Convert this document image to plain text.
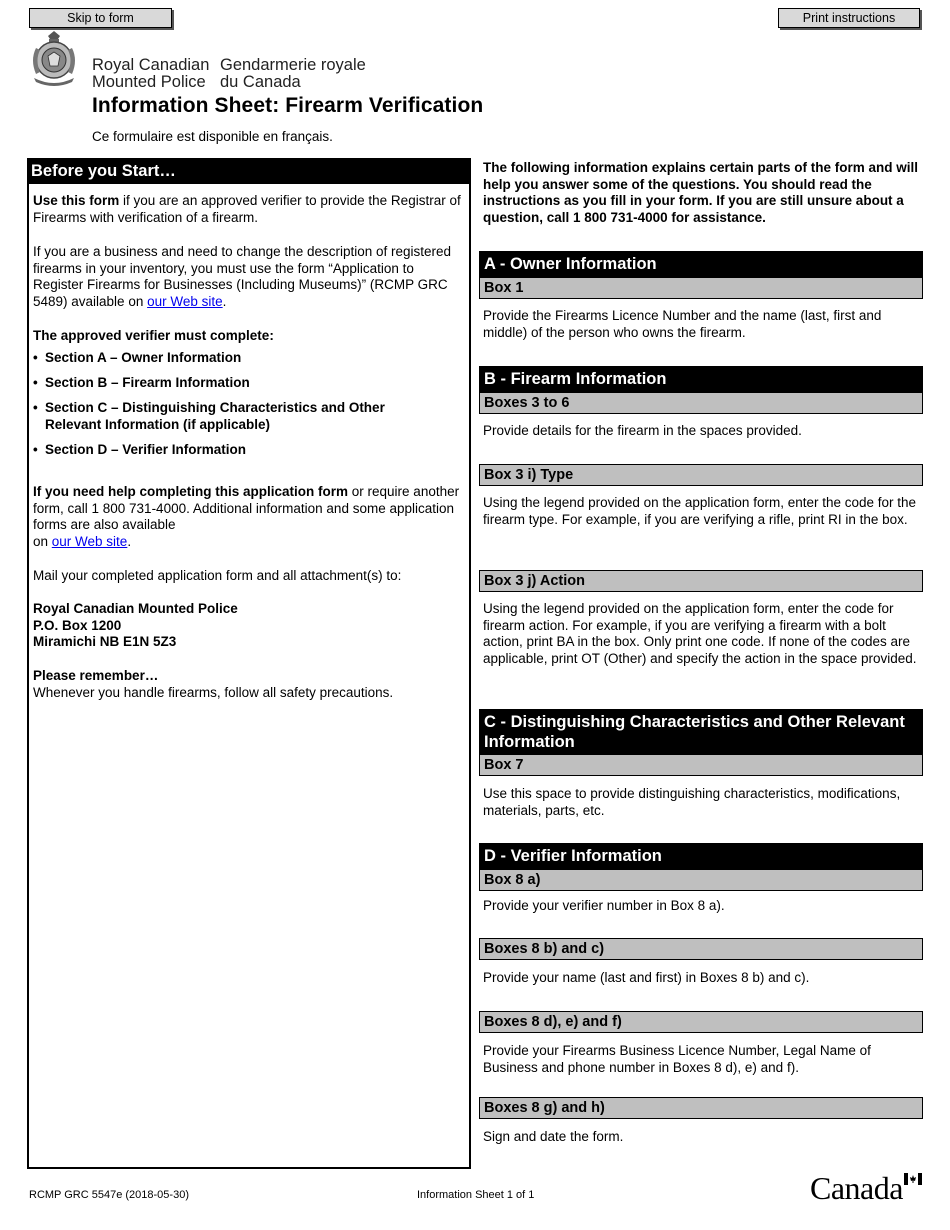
Skip to form	Print instructions
Royal Canadian
Mounted Police
Gendarmerie royale
du Canada
Information Sheet: Firearm Verification
Ce formulaire est disponible en français.
Before you Start…
Use this form if you are an approved verifier to provide the Registrar of Firearms with verification of a firearm.
If you are a business and need to change the description of registered firearms in your inventory, you must use the form “Application to Register Firearms for Businesses (Including Museums)” (RCMP GRC 5489) available on our Web site.
The approved verifier must complete:
• Section A – Owner Information
• Section B – Firearm Information
• Section C – Distinguishing Characteristics and Other Relevant Information (if applicable)
• Section D – Verifier Information
If you need help completing this application form or require another form, call 1 800 731-4000. Additional information and some application forms are also available
on our Web site.
Mail your completed application form and all attachment(s) to:
Royal Canadian Mounted Police
P.O. Box 1200
Miramichi NB E1N 5Z3
Please remember…
Whenever you handle firearms, follow all safety precautions.
The following information explains certain parts of the form and will help you answer some of the questions. You should read the instructions as you fill in your form. If you are still unsure about a question, call 1 800 731-4000 for assistance.
A - Owner Information
Box 1
Provide the Firearms Licence Number and the name (last, first and middle) of the person who owns the firearm.
B - Firearm Information
Boxes 3 to 6
Provide details for the firearm in the spaces provided.
Box 3 i) Type
Using the legend provided on the application form, enter the code for the firearm type. For example, if you are verifying a rifle, print RI in the box.
Box 3 j) Action
Using the legend provided on the application form, enter the code for firearm action. For example, if you are verifying a firearm with a bolt action, print BA in the box. Only print one code. If none of the codes are applicable, print OT (Other) and specify the action in the space provided.
C - Distinguishing Characteristics and Other Relevant Information
Box 7
Use this space to provide distinguishing characteristics, modifications, materials, parts, etc.
D - Verifier Information
Box 8 a)
Provide your verifier number in Box 8 a).
Boxes 8 b) and c)
Provide your name (last and first) in Boxes 8 b) and c).
Boxes 8 d), e) and f)
Provide your Firearms Business Licence Number, Legal Name of Business and phone number in Boxes 8 d), e) and f).
Boxes 8 g) and h)
Sign and date the form.
RCMP GRC 5547e (2018-05-30)	Information Sheet 1 of 1	Canada
